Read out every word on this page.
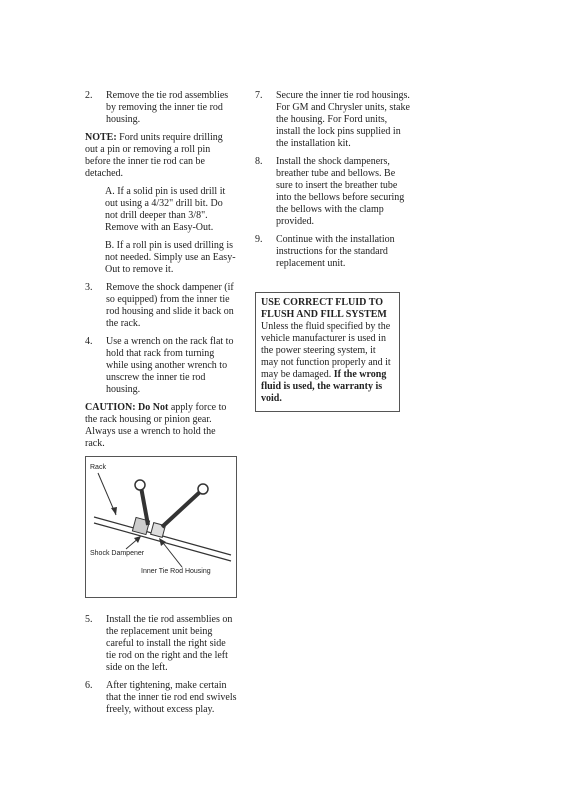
2. Remove the tie rod assemblies by removing the inner tie rod housing.
NOTE: Ford units require drilling out a pin or removing a roll pin before the inner tie rod can be detached.
A. If a solid pin is used drill it out using a 4/32" drill bit. Do not drill deeper than 3/8". Remove with an Easy-Out.
B. If a roll pin is used drilling is not needed. Simply use an Easy-Out to remove it.
3. Remove the shock dampener (if so equipped) from the inner tie rod housing and slide it back on the rack.
4. Use a wrench on the rack flat to hold that rack from turning while using another wrench to unscrew the inner tie rod housing.
CAUTION: Do Not apply force to the rack housing or pinion gear. Always use a wrench to hold the rack.
Rack
Shock Dampener
Inner Tie Rod Housing
5. Install the tie rod assemblies on the replacement unit being careful to install the right side tie rod on the right and the left side on the left.
6. After tightening, make certain that the inner tie rod end swivels freely, without excess play.
7. Secure the inner tie rod housings. For GM and Chrysler units, stake the housing. For Ford units, install the lock pins supplied in the installation kit.
8. Install the shock dampeners, breather tube and bellows. Be sure to insert the breather tube into the bellows before securing the bellows with the clamp provided.
9. Continue with the installation instructions for the standard replacement unit.
USE CORRECT FLUID TO FLUSH AND FILL SYSTEM
Unless the fluid specified by the vehicle manufacturer is used in the power steering system, it may not function properly and it may be damaged. If the wrong fluid is used, the warranty is void.
